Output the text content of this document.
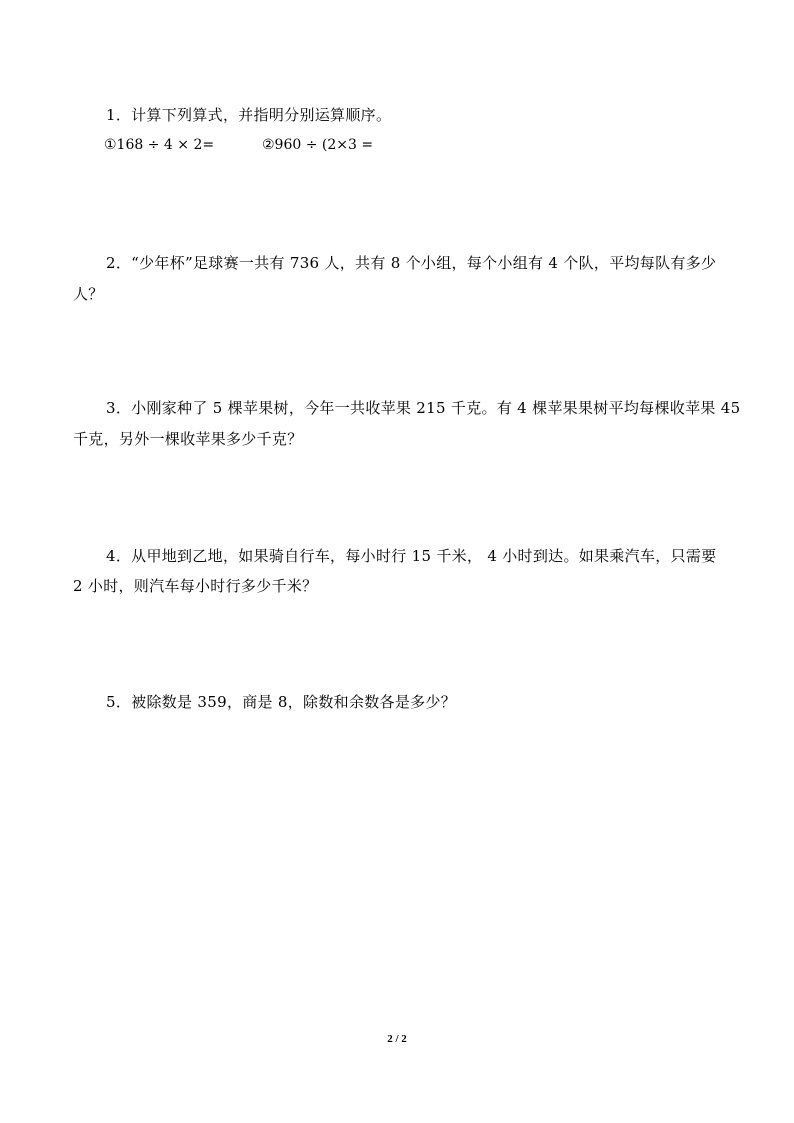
1．计算下列算式，并指明分别运算顺序。
①168 ÷ 4 × 2=	②960 ÷ (2×3 =
2．“少年杯”足球赛一共有 736 人，共有 8 个小组，每个小组有 4 个队，平均每队有多少
人？
3．小刚家种了 5 棵苹果树，今年一共收苹果 215 千克。有 4 棵苹果果树平均每棵收苹果 45
千克，另外一棵收苹果多少千克？
4．从甲地到乙地，如果骑自行车，每小时行 15 千米， 4 小时到达。如果乘汽车，只需要
2 小时，则汽车每小时行多少千米？
5．被除数是 359，商是 8，除数和余数各是多少？
2 / 2
